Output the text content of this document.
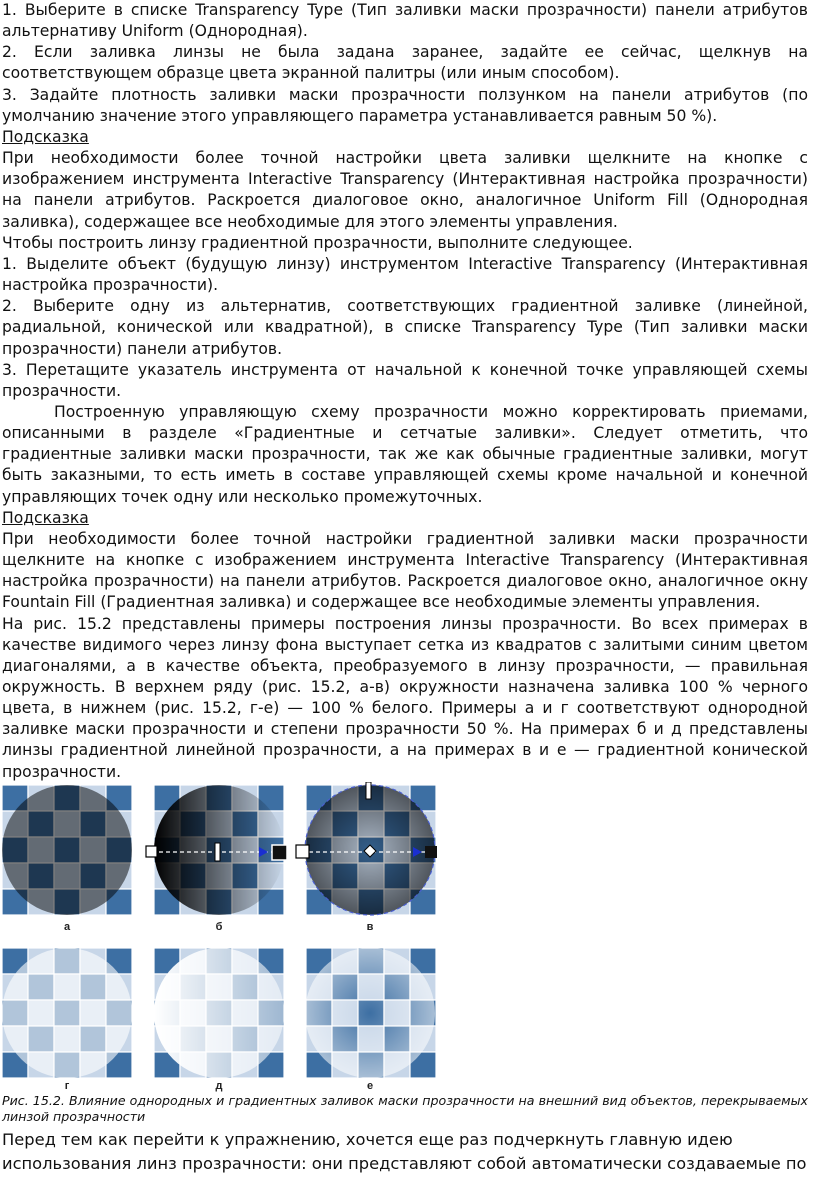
1. Выберите в списке Transparency Type (Тип заливки маски прозрачности) панели атрибутов альтернативу Uniform (Однородная).

2. Если заливка линзы не была задана заранее, задайте ее сейчас, щелкнув на соответствующем образце цвета экранной палитры (или иным способом).

3. Задайте плотность заливки маски прозрачности ползунком на панели атрибутов (по умолчанию значение этого управляющего параметра устанавливается равным 50 %).

Подсказка

При необходимости более точной настройки цвета заливки щелкните на кнопке с изображением инструмента Interactive Transparency (Интерактивная настройка прозрачности) на панели атрибутов. Раскроется диалоговое окно, аналогичное Uniform Fill (Однородная заливка), содержащее все необходимые для этого элементы управления.

Чтобы построить линзу градиентной прозрачности, выполните следующее.

1. Выделите объект (будущую линзу) инструментом Interactive Transparency (Интерактивная настройка прозрачности).

2. Выберите одну из альтернатив, соответствующих градиентной заливке (линейной, радиальной, конической или квадратной), в списке Transparency Type (Тип заливки маски прозрачности) панели атрибутов.

3. Перетащите указатель инструмента от начальной к конечной точке управляющей схемы прозрачности.

Построенную управляющую схему прозрачности можно корректировать приемами, описанными в разделе «Градиентные и сетчатые заливки». Следует отметить, что градиентные заливки маски прозрачности, так же как обычные градиентные заливки, могут быть заказными, то есть иметь в составе управляющей схемы кроме начальной и конечной управляющих точек одну или несколько промежуточных.

Подсказка

При необходимости более точной настройки градиентной заливки маски прозрачности щелкните на кнопке с изображением инструмента Interactive Transparency (Интерактивная настройка прозрачности) на панели атрибутов. Раскроется диалоговое окно, аналогичное окну Fountain Fill (Градиентная заливка) и содержащее все необходимые элементы управления.

На рис. 15.2 представлены примеры построения линзы прозрачности. Во всех примерах в качестве видимого через линзу фона выступает сетка из квадратов с залитыми синим цветом диагоналями, а в качестве объекта, преобразуемого в линзу прозрачности, — правильная окружность. В верхнем ряду (рис. 15.2, а-в) окружности назначена заливка 100 % черного цвета, в нижнем (рис. 15.2, г-е) — 100 % белого. Примеры а и г соответствуют однородной заливке маски прозрачности и степени прозрачности 50 %. На примерах б и д представлены линзы градиентной линейной прозрачности, а на примерах в и е — градиентной конической прозрачности.

а	б	в
г	д	е
Рис. 15.2. Влияние однородных и градиентных заливок маски прозрачности на внешний вид объектов, перекрываемых линзой прозрачности

Перед тем как перейти к упражнению, хочется еще раз подчеркнуть главную идею использования линз прозрачности: они представляют собой автоматически создаваемые по
